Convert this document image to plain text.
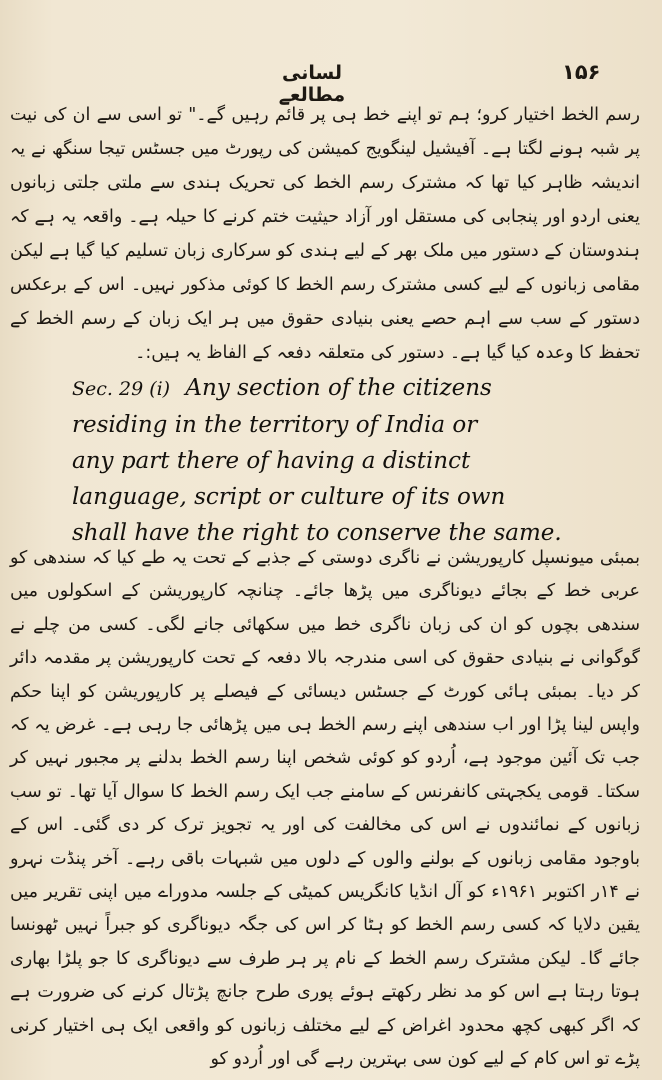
۱۵۶
لسانی مطالعے

رسم الخط اختیار کرو؛ ہم تو اپنے خط ہی پر قائم رہیں گے۔" تو اسی سے ان کی نیت پر شبہ ہونے لگتا ہے۔ آفیشیل لینگویج کمیشن کی رپورٹ میں جسٹس تیجا سنگھ نے یہ اندیشہ ظاہر کیا تھا کہ مشترک رسم الخط کی تحریک ہندی سے ملتی جلتی زبانوں یعنی اردو اور پنجابی کی مستقل اور آزاد حیثیت ختم کرنے کا حیلہ ہے۔ واقعہ یہ ہے کہ ہندوستان کے دستور میں ملک بھر کے لیے ہندی کو سرکاری زبان تسلیم کیا گیا ہے لیکن مقامی زبانوں کے لیے کسی مشترک رسم الخط کا کوئی مذکور نہیں۔ اس کے برعکس دستور کے سب سے اہم حصے یعنی بنیادی حقوق میں ہر ایک زبان کے رسم الخط کے تحفظ کا وعدہ کیا گیا ہے۔ دستور کی متعلقہ دفعہ کے الفاظ یہ ہیں:۔

Sec. 29 (i) Any section of the citizens
residing in the territory of India or
any part there of having a distinct
language, script or culture of its own
shall have the right to conserve the same.

بمبئی میونسپل کارپوریشن نے ناگری دوستی کے جذبے کے تحت یہ طے کیا کہ سندھی کو عربی خط کے بجائے دیوناگری میں پڑھا جائے۔ چنانچہ کارپوریشن کے اسکولوں میں سندھی بچوں کو ان کی زبان ناگری خط میں سکھائی جانے لگی۔ کسی من چلے نے گوگوانی نے بنیادی حقوق کی اسی مندرجہ بالا دفعہ کے تحت کارپوریشن پر مقدمہ دائر کر دیا۔ بمبئی ہائی کورٹ کے جسٹس دیسائی کے فیصلے پر کارپوریشن کو اپنا حکم واپس لینا پڑا اور اب سندھی اپنے رسم الخط ہی میں پڑھائی جا رہی ہے۔ غرض یہ کہ جب تک آئین موجود ہے، اُردو کو کوئی شخص اپنا رسم الخط بدلنے پر مجبور نہیں کر سکتا۔ قومی یکجہتی کانفرنس کے سامنے جب ایک رسم الخط کا سوال آیا تھا۔ تو سب زبانوں کے نمائندوں نے اس کی مخالفت کی اور یہ تجویز ترک کر دی گئی۔ اس کے باوجود مقامی زبانوں کے بولنے والوں کے دلوں میں شبہات باقی رہے۔ آخر پنڈت نہرو نے ۱۴ر اکتوبر ۱۹۶۱ء کو آل انڈیا کانگریس کمیٹی کے جلسہ مدوراے میں اپنی تقریر میں یقین دلایا کہ کسی رسم الخط کو ہٹا کر اس کی جگہ دیوناگری کو جبراً نہیں ٹھونسا جائے گا۔ لیکن مشترک رسم الخط کے نام پر ہر طرف سے دیوناگری کا جو پلڑا بھاری ہوتا رہتا ہے اس کو مد نظر رکھتے ہوئے پوری طرح جانچ پڑتال کرنے کی ضرورت ہے کہ اگر کبھی کچھ محدود اغراض کے لیے مختلف زبانوں کو واقعی ایک ہی اختیار کرنی پڑے تو اس کام کے لیے کون سی بہترین رہے گی اور اُردو کو
